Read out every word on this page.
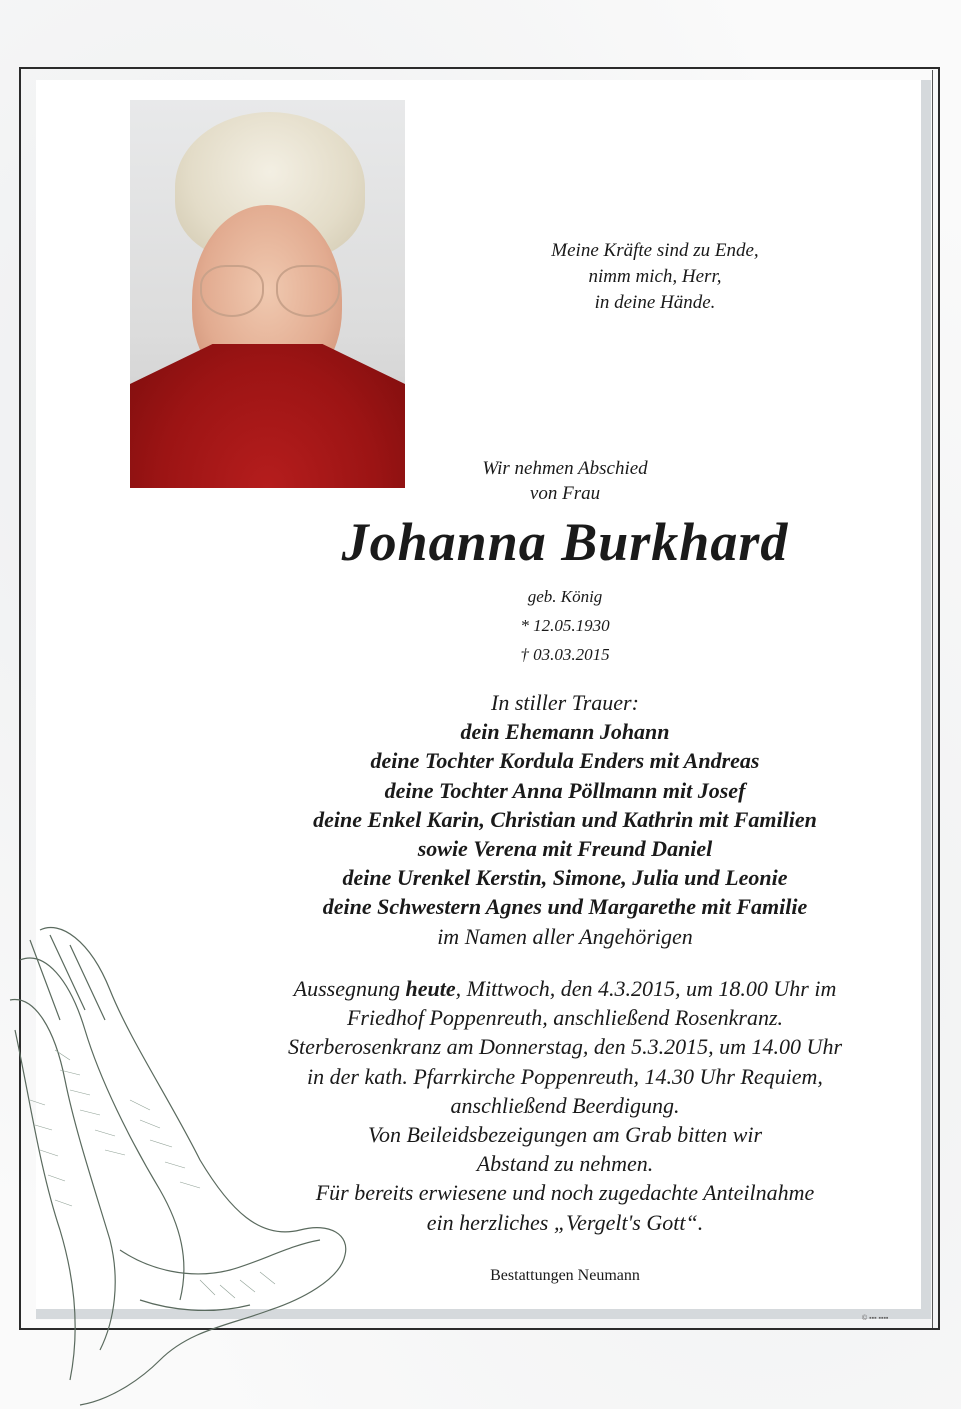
Meine Kräfte sind zu Ende,
nimm mich, Herr,
in deine Hände.
Wir nehmen Abschied
von Frau
Johanna Burkhard
geb. König
* 12.05.1930
† 03.03.2015
In stiller Trauer:
dein Ehemann Johann
deine Tochter Kordula Enders mit Andreas
deine Tochter Anna Pöllmann mit Josef
deine Enkel Karin, Christian und Kathrin mit Familien
sowie Verena mit Freund Daniel
deine Urenkel Kerstin, Simone, Julia und Leonie
deine Schwestern Agnes und Margarethe mit Familie
im Namen aller Angehörigen
Aussegnung heute, Mittwoch, den 4.3.2015, um 18.00 Uhr im
Friedhof Poppenreuth, anschließend Rosenkranz.
Sterberosenkranz am Donnerstag, den 5.3.2015, um 14.00 Uhr
in der kath. Pfarrkirche Poppenreuth, 14.30 Uhr Requiem,
anschließend Beerdigung.
Von Beileidsbezeigungen am Grab bitten wir
Abstand zu nehmen.
Für bereits erwiesene und noch zugedachte Anteilnahme
ein herzliches „Vergelt's Gott“.
Bestattungen Neumann
© ▪▪▪ ▪▪▪▪
